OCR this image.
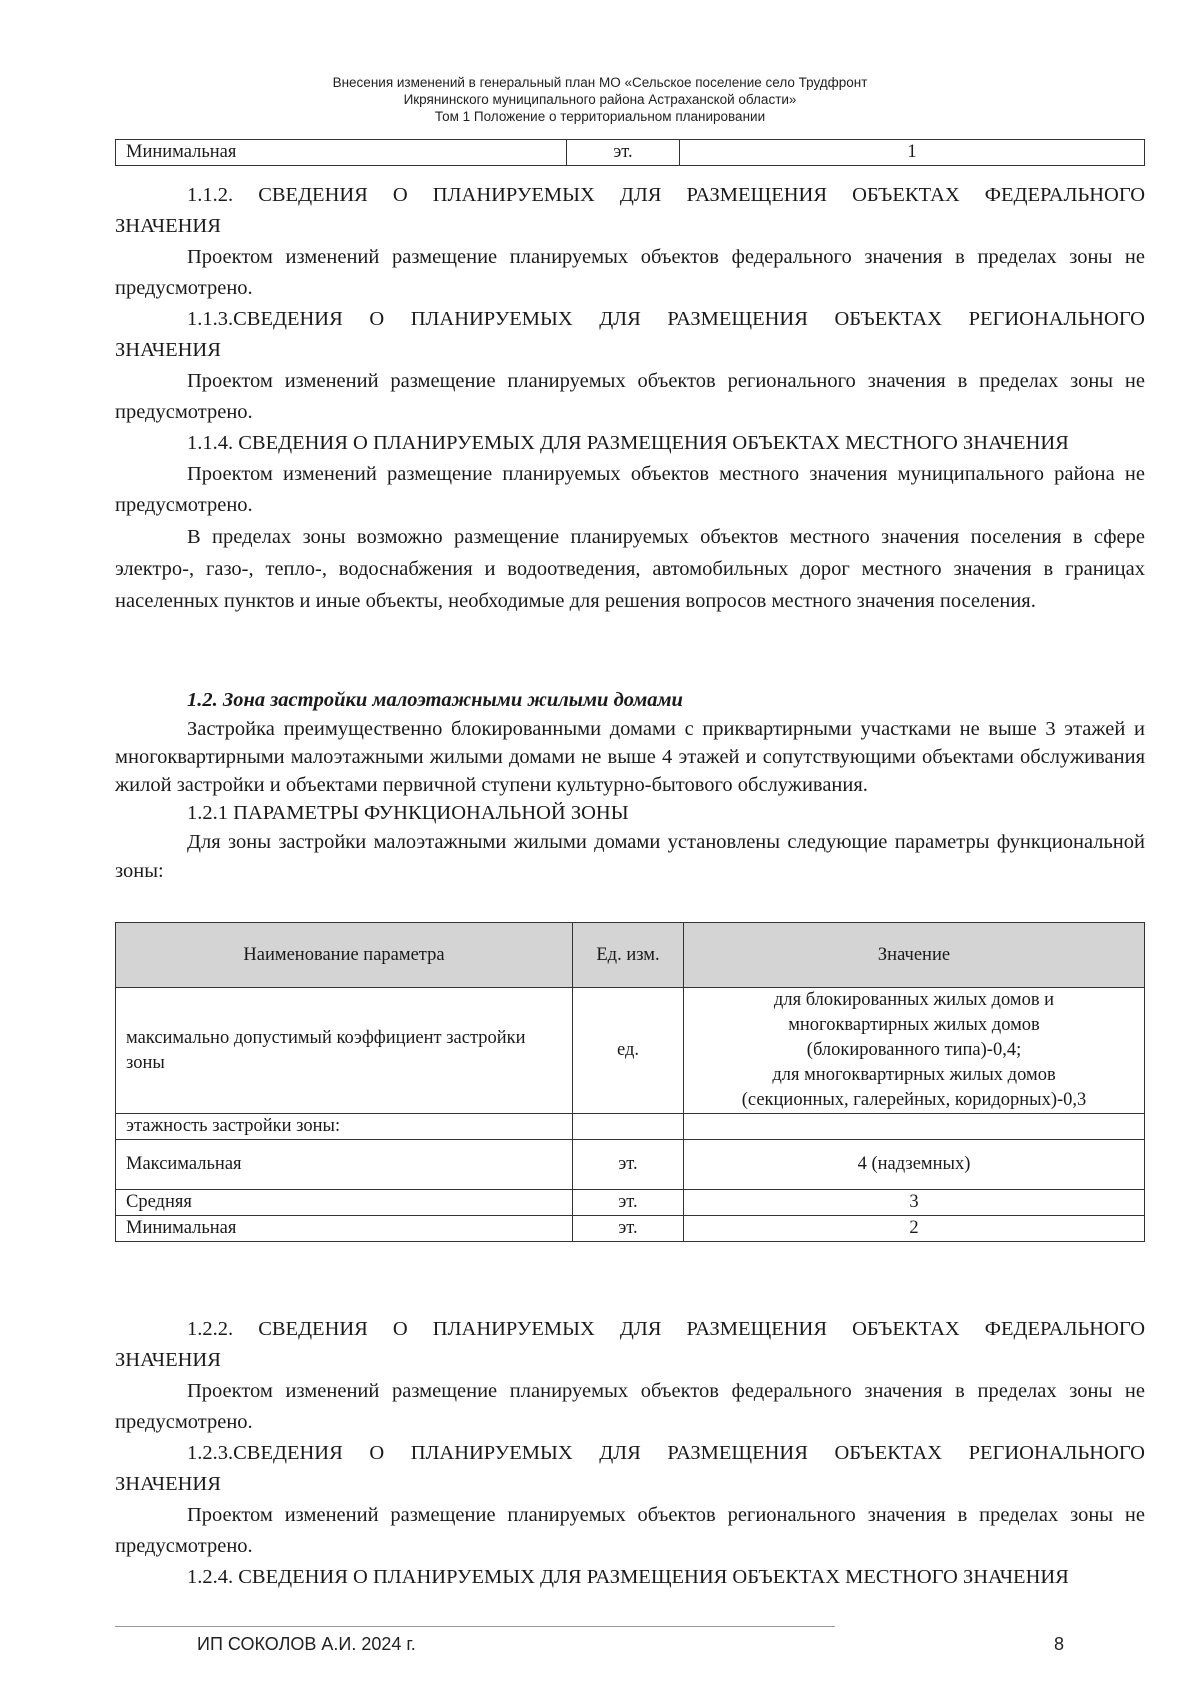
Внесения изменений в генеральный план МО «Сельское поселение село Трудфронт
Икрянинского муниципального района Астраханской области»
Том 1 Положение о территориальном планировании
Минимальная	эт.	1

1.1.2. СВЕДЕНИЯ О ПЛАНИРУЕМЫХ ДЛЯ РАЗМЕЩЕНИЯ ОБЪЕКТАХ ФЕДЕРАЛЬНОГО

ЗНАЧЕНИЯ

Проектом изменений размещение планируемых объектов федерального значения в пределах зоны не предусмотрено.

1.1.3.СВЕДЕНИЯ О ПЛАНИРУЕМЫХ ДЛЯ РАЗМЕЩЕНИЯ ОБЪЕКТАХ РЕГИОНАЛЬНОГО

ЗНАЧЕНИЯ

Проектом изменений размещение планируемых объектов регионального значения в пределах зоны не предусмотрено.

1.1.4. СВЕДЕНИЯ О ПЛАНИРУЕМЫХ ДЛЯ РАЗМЕЩЕНИЯ ОБЪЕКТАХ МЕСТНОГО ЗНАЧЕНИЯ

Проектом изменений размещение планируемых объектов местного значения муниципального района не предусмотрено.

В пределах зоны возможно размещение планируемых объектов местного значения поселения в сфере электро-, газо-, тепло-, водоснабжения и водоотведения, автомобильных дорог местного значения в границах населенных пунктов и иные объекты, необходимые для решения вопросов местного значения поселения.

1.2. Зона застройки малоэтажными жилыми домами

Застройка преимущественно блокированными домами с приквартирными участками не выше 3 этажей и многоквартирными малоэтажными жилыми домами не выше 4 этажей и сопутствующими объектами обслуживания жилой застройки и объектами первичной ступени культурно-бытового обслуживания.

1.2.1 ПАРАМЕТРЫ ФУНКЦИОНАЛЬНОЙ ЗОНЫ

Для зоны застройки малоэтажными жилыми домами установлены следующие параметры функциональной зоны:

Наименование параметра	Ед. изм.	Значение
максимально допустимый коэффициент застройки зоны	ед.	для блокированных жилых домов и
многоквартирных жилых домов
(блокированного типа)-0,4;
для многоквартирных жилых домов
(секционных, галерейных, коридорных)-0,3

этажность застройки зоны:		
Максимальная	эт.	4 (надземных)
Средняя	эт.	3
Минимальная	эт.	2

1.2.2. СВЕДЕНИЯ О ПЛАНИРУЕМЫХ ДЛЯ РАЗМЕЩЕНИЯ ОБЪЕКТАХ ФЕДЕРАЛЬНОГО

ЗНАЧЕНИЯ

Проектом изменений размещение планируемых объектов федерального значения в пределах зоны не предусмотрено.

1.2.3.СВЕДЕНИЯ О ПЛАНИРУЕМЫХ ДЛЯ РАЗМЕЩЕНИЯ ОБЪЕКТАХ РЕГИОНАЛЬНОГО

ЗНАЧЕНИЯ

Проектом изменений размещение планируемых объектов регионального значения в пределах зоны не предусмотрено.

1.2.4. СВЕДЕНИЯ О ПЛАНИРУЕМЫХ ДЛЯ РАЗМЕЩЕНИЯ ОБЪЕКТАХ МЕСТНОГО ЗНАЧЕНИЯ

ИП СОКОЛОВ А.И. 2024 г.	8
